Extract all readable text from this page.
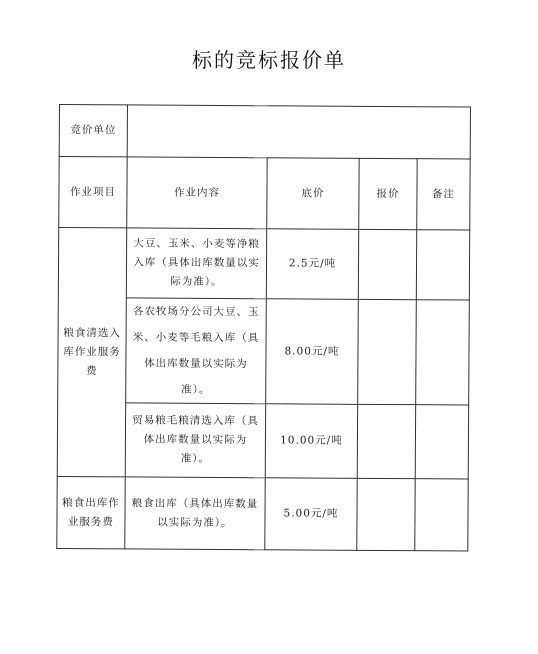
标的竞标报价单
竞价单位				
作业项目	作业内容	底价	报价	备注
粮食清选入库作业服务费	大豆、玉米、小麦等净粮入库（具体出库数量以实际为准）。	2.5元/吨		
	各农牧场分公司大豆、玉米、小麦等毛粮入库（具体出库数量以实际为准）。	8.00元/吨		
	贸易粮毛粮清选入库（具体出库数量以实际为准）。	10.00元/吨		
粮食出库作业服务费	粮食出库（具体出库数量以实际为准）。	5.00元/吨		
